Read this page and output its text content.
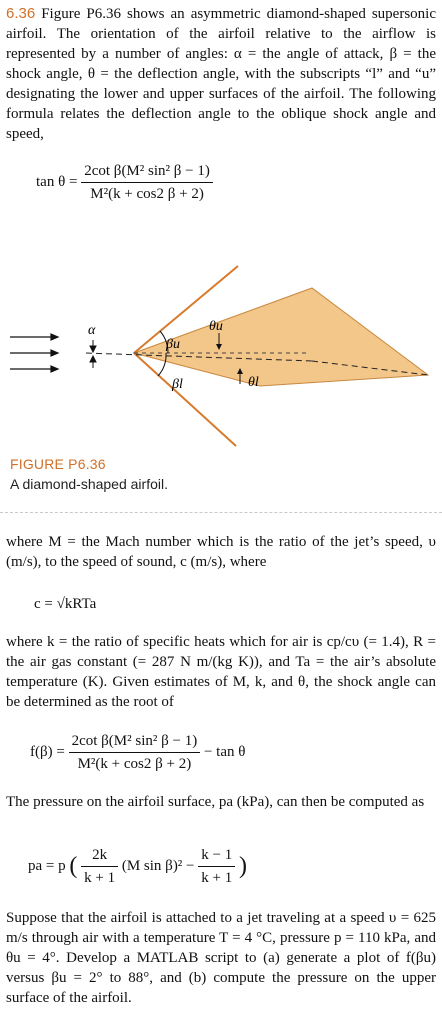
6.36 Figure P6.36 shows an asymmetric diamond-shaped supersonic airfoil. The orientation of the airfoil relative to the airflow is represented by a number of angles: α = the angle of attack, β = the shock angle, θ = the deflection angle, with the subscripts “l” and “u” designating the lower and upper surfaces of the airfoil. The following formula relates the deflection angle to the oblique shock angle and speed,
$\tan \theta = \frac{\text{2cot β(M² sin² β − 1)}}{\text{M²(k + cos2 β + 2)}}$
α	θu
βu
βl	θl
FIGURE P6.36
A diamond-shaped airfoil.
where M = the Mach number which is the ratio of the jet’s speed, υ (m/s), to the speed of sound, c (m/s), where
c = √kRTa
where k = the ratio of specific heats which for air is cp/cυ (= 1.4), R = the air gas constant (= 287 N m/(kg K)), and Ta = the air’s absolute temperature (K). Given estimates of M, k, and θ, the shock angle can be determined as the root of
$f(\beta) = \frac{\text{2cot β(M² sin² β − 1)}}{\text{M²(k + cos2 β + 2)}} - \tan \theta$
The pressure on the airfoil surface, pa (kPa), can then be computed as
pa = p ( $\frac{2k}{k + 1} (M$ $\sin \beta)^2 - \frac{k - 1}{k + 1}$ )
Suppose that the airfoil is attached to a jet traveling at a speed υ = 625 m/s through air with a temperature T = 4 °C, pressure p = 110 kPa, and θu = 4°. Develop a MATLAB script to (a) generate a plot of f(βu) versus βu = 2° to 88°, and (b) compute the pressure on the upper surface of the airfoil.
